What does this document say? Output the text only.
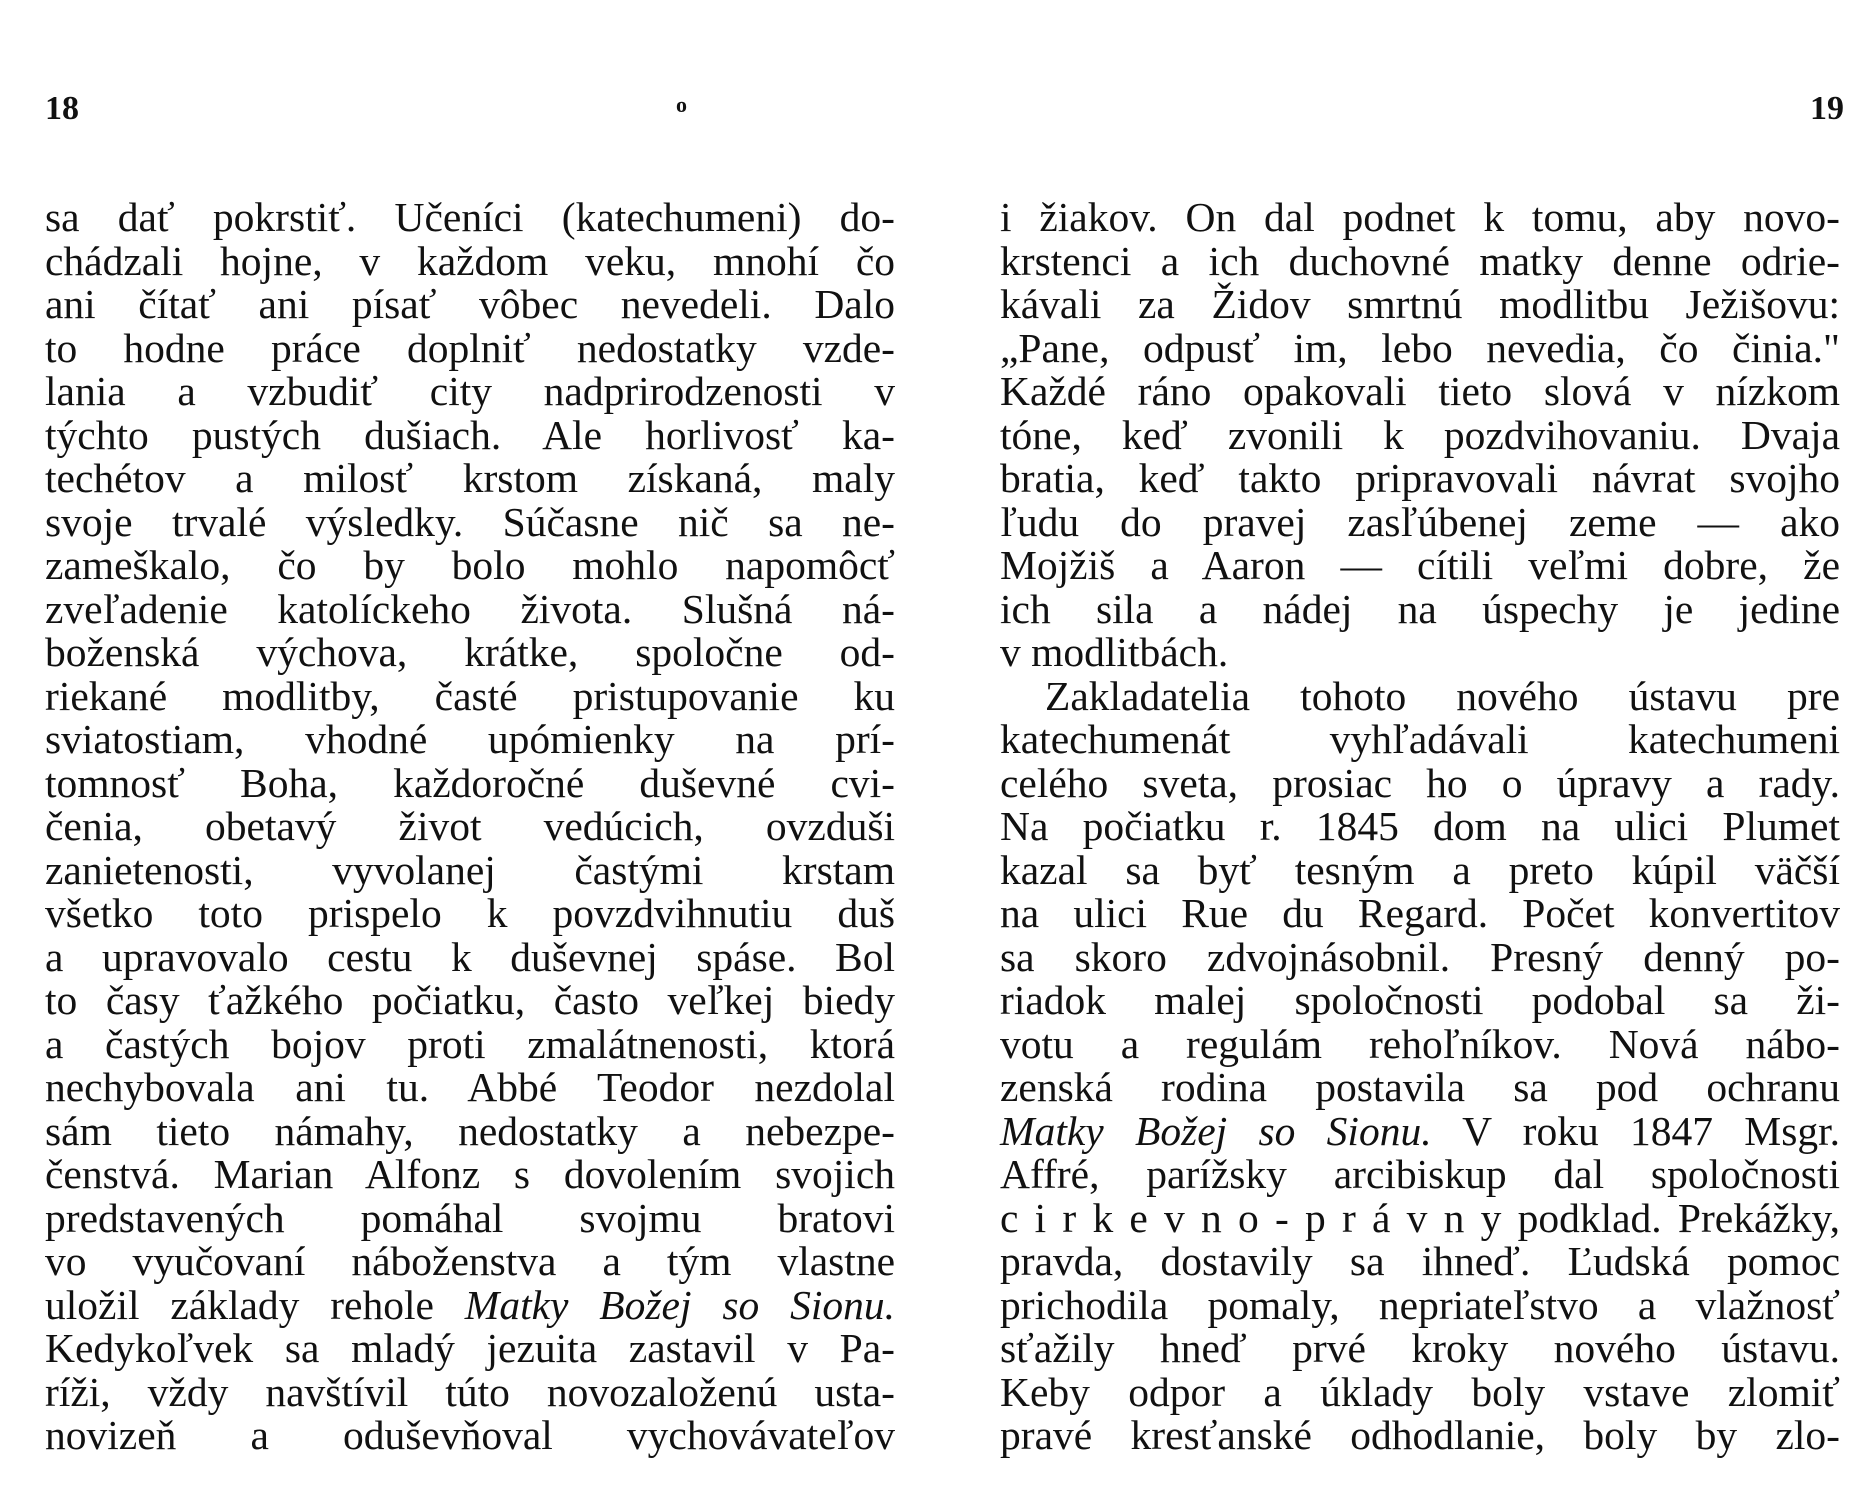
18	o	19
sa dať pokrstiť. Učeníci (katechumeni) do-
chádzali hojne, v každom veku, mnohí čo
ani čítať ani písať vôbec nevedeli. Dalo
to hodne práce doplniť nedostatky vzde-
lania a vzbudiť city nadprirodzenosti v
týchto pustých dušiach. Ale horlivosť ka-
techétov a milosť krstom získaná, maly
svoje trvalé výsledky. Súčasne nič sa ne-
zameškalo, čo by bolo mohlo napomôcť
zveľadenie katolíckeho života. Slušná ná-
boženská výchova, krátke, spoločne od-
riekané modlitby, časté pristupovanie ku
sviatostiam, vhodné upómienky na prí-
tomnosť Boha, každoročné duševné cvi-
čenia, obetavý život vedúcich, ovzduši
zanietenosti, vyvolanej častými krstam
všetko toto prispelo k povzdvihnutiu duš
a upravovalo cestu k duševnej spáse. Bol
to časy ťažkého počiatku, často veľkej biedy
a častých bojov proti zmalátnenosti, ktorá
nechybovala ani tu. Abbé Teodor nezdolal
sám tieto námahy, nedostatky a nebezpe-
čenstvá. Marian Alfonz s dovolením svojich
predstavených pomáhal svojmu bratovi
vo vyučovaní náboženstva a tým vlastne
uložil základy rehole Matky Božej so Sionu.
Kedykoľvek sa mladý jezuita zastavil v Pa-
ríži, vždy navštívil túto novozaloženú usta-
novizeň a oduševňoval vychovávateľov
i žiakov. On dal podnet k tomu, aby novo-
krstenci a ich duchovné matky denne odrie-
kávali za Židov smrtnú modlitbu Ježišovu:
„Pane, odpusť im, lebo nevedia, čo činia."
Každé ráno opakovali tieto slová v nízkom
tóne, keď zvonili k pozdvihovaniu. Dvaja
bratia, keď takto pripravovali návrat svojho
ľudu do pravej zasľúbenej zeme — ako
Mojžiš a Aaron — cítili veľmi dobre, že
ich sila a nádej na úspechy je jedine
v modlitbách.
Zakladatelia tohoto nového ústavu pre
katechumenát vyhľadávali katechumeni
celého sveta, prosiac ho o úpravy a rady.
Na počiatku r. 1845 dom na ulici Plumet
kazal sa byť tesným a preto kúpil väčší
na ulici Rue du Regard. Počet konvertitov
sa skoro zdvojnásobnil. Presný denný po-
riadok malej spoločnosti podobal sa ži-
votu a regulám rehoľníkov. Nová nábo-
zenská rodina postavila sa pod ochranu
Matky Božej so Sionu. V roku 1847 Msgr.
Affré, parížsky arcibiskup dal spoločnosti
c i r k e v n o - p r á v n y podklad. Prekážky,
pravda, dostavily sa ihneď. Ľudská pomoc
prichodila pomaly, nepriateľstvo a vlažnosť
sťažily hneď prvé kroky nového ústavu.
Keby odpor a úklady boly vstave zlomiť
pravé kresťanské odhodlanie, boly by zlo-
